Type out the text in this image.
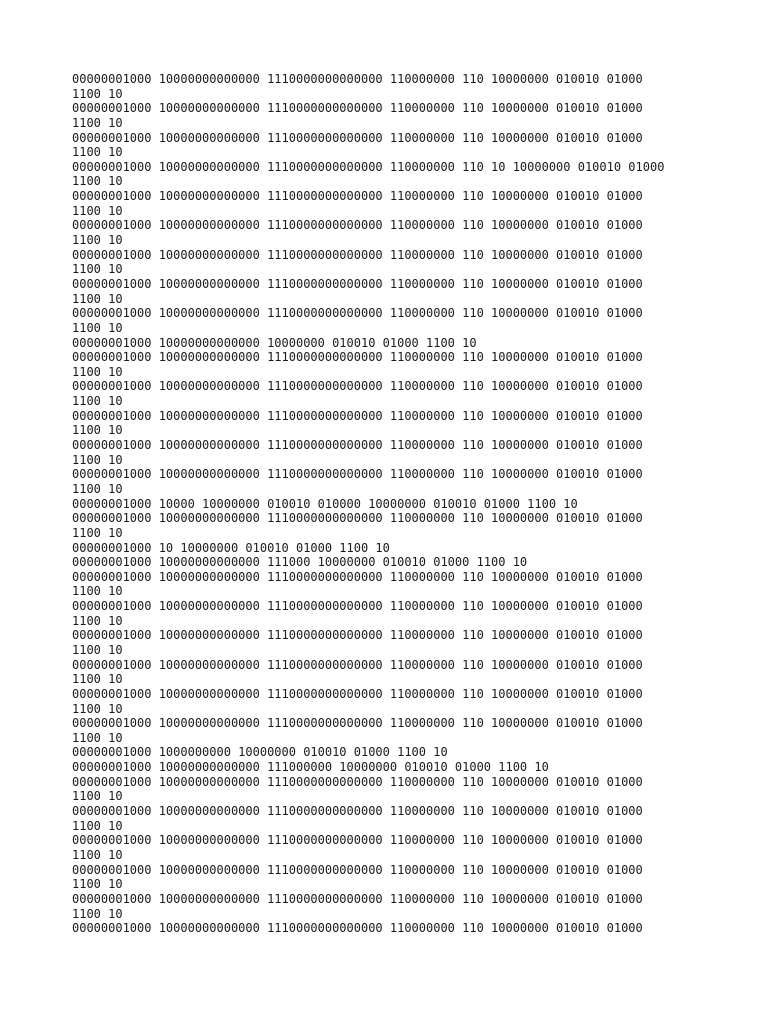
00000001000 10000000000000 1110000000000000 110000000 110 10000000 010010 01000
1100 10
00000001000 10000000000000 1110000000000000 110000000 110 10000000 010010 01000
1100 10
00000001000 10000000000000 1110000000000000 110000000 110 10000000 010010 01000
1100 10
00000001000 10000000000000 1110000000000000 110000000 110 10 10000000 010010 01000
1100 10
00000001000 10000000000000 1110000000000000 110000000 110 10000000 010010 01000
1100 10
00000001000 10000000000000 1110000000000000 110000000 110 10000000 010010 01000
1100 10
00000001000 10000000000000 1110000000000000 110000000 110 10000000 010010 01000
1100 10
00000001000 10000000000000 1110000000000000 110000000 110 10000000 010010 01000
1100 10
00000001000 10000000000000 1110000000000000 110000000 110 10000000 010010 01000
1100 10
00000001000 10000000000000 10000000 010010 01000 1100 10
00000001000 10000000000000 1110000000000000 110000000 110 10000000 010010 01000
1100 10
00000001000 10000000000000 1110000000000000 110000000 110 10000000 010010 01000
1100 10
00000001000 10000000000000 1110000000000000 110000000 110 10000000 010010 01000
1100 10
00000001000 10000000000000 1110000000000000 110000000 110 10000000 010010 01000
1100 10
00000001000 10000000000000 1110000000000000 110000000 110 10000000 010010 01000
1100 10
00000001000 10000 10000000 010010 010000 10000000 010010 01000 1100 10
00000001000 10000000000000 1110000000000000 110000000 110 10000000 010010 01000
1100 10
00000001000 10 10000000 010010 01000 1100 10
00000001000 10000000000000 111000 10000000 010010 01000 1100 10
00000001000 10000000000000 1110000000000000 110000000 110 10000000 010010 01000
1100 10
00000001000 10000000000000 1110000000000000 110000000 110 10000000 010010 01000
1100 10
00000001000 10000000000000 1110000000000000 110000000 110 10000000 010010 01000
1100 10
00000001000 10000000000000 1110000000000000 110000000 110 10000000 010010 01000
1100 10
00000001000 10000000000000 1110000000000000 110000000 110 10000000 010010 01000
1100 10
00000001000 10000000000000 1110000000000000 110000000 110 10000000 010010 01000
1100 10
00000001000 1000000000 10000000 010010 01000 1100 10
00000001000 10000000000000 111000000 10000000 010010 01000 1100 10
00000001000 10000000000000 1110000000000000 110000000 110 10000000 010010 01000
1100 10
00000001000 10000000000000 1110000000000000 110000000 110 10000000 010010 01000
1100 10
00000001000 10000000000000 1110000000000000 110000000 110 10000000 010010 01000
1100 10
00000001000 10000000000000 1110000000000000 110000000 110 10000000 010010 01000
1100 10
00000001000 10000000000000 1110000000000000 110000000 110 10000000 010010 01000
1100 10
00000001000 10000000000000 1110000000000000 110000000 110 10000000 010010 01000
